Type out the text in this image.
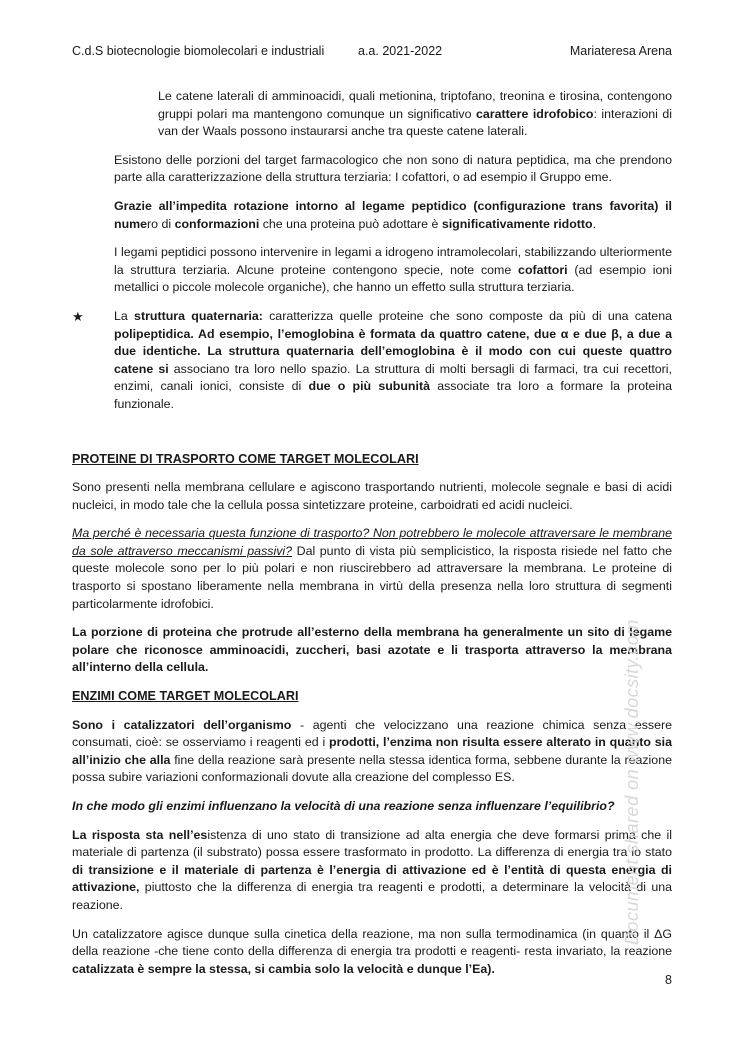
C.d.S biotecnologie biomolecolari e industriali	a.a. 2021-2022	Mariateresa Arena

Le catene laterali di amminoacidi, quali metionina, triptofano, treonina e tirosina, contengono gruppi polari ma mantengono comunque un significativo carattere idrofobico: interazioni di van der Waals possono instaurarsi anche tra queste catene laterali.

Esistono delle porzioni del target farmacologico che non sono di natura peptidica, ma che prendono parte alla caratterizzazione della struttura terziaria: I cofattori, o ad esempio il Gruppo eme.

Grazie all’impedita rotazione intorno al legame peptidico (configurazione trans favorita) il numero di conformazioni che una proteina può adottare è significativamente ridotto.

I legami peptidici possono intervenire in legami a idrogeno intramolecolari, stabilizzando ulteriormente la struttura terziaria. Alcune proteine contengono specie, note come cofattori (ad esempio ioni metallici o piccole molecole organiche), che hanno un effetto sulla struttura terziaria.

★ La struttura quaternaria: caratterizza quelle proteine che sono composte da più di una catena polipeptidica. Ad esempio, l’emoglobina è formata da quattro catene, due α e due β, a due a due identiche. La struttura quaternaria dell’emoglobina è il modo con cui queste quattro catene si associano tra loro nello spazio. La struttura di molti bersagli di farmaci, tra cui recettori, enzimi, canali ionici, consiste di due o più subunità associate tra loro a formare la proteina funzionale.

PROTEINE DI TRASPORTO COME TARGET MOLECOLARI

Sono presenti nella membrana cellulare e agiscono trasportando nutrienti, molecole segnale e basi di acidi nucleici, in modo tale che la cellula possa sintetizzare proteine, carboidrati ed acidi nucleici.

Ma perché è necessaria questa funzione di trasporto? Non potrebbero le molecole attraversare le membrane da sole attraverso meccanismi passivi? Dal punto di vista più semplicistico, la risposta risiede nel fatto che queste molecole sono per lo più polari e non riuscirebbero ad attraversare la membrana. Le proteine di trasporto si spostano liberamente nella membrana in virtù della presenza nella loro struttura di segmenti particolarmente idrofobici.

La porzione di proteina che protrude all’esterno della membrana ha generalmente un sito di legame polare che riconosce amminoacidi, zuccheri, basi azotate e li trasporta attraverso la membrana all’interno della cellula.

ENZIMI COME TARGET MOLECOLARI

Sono i catalizzatori dell’organismo - agenti che velocizzano una reazione chimica senza essere consumati, cioè: se osserviamo i reagenti ed i prodotti, l’enzima non risulta essere alterato in quanto sia all’inizio che alla fine della reazione sarà presente nella stessa identica forma, sebbene durante la reazione possa subire variazioni conformazionali dovute alla creazione del complesso ES.

In che modo gli enzimi influenzano la velocità di una reazione senza influenzare l’equilibrio?

La risposta sta nell’esistenza di uno stato di transizione ad alta energia che deve formarsi prima che il materiale di partenza (il substrato) possa essere trasformato in prodotto. La differenza di energia tra lo stato di transizione e il materiale di partenza è l’energia di attivazione ed è l’entità di questa energia di attivazione, piuttosto che la differenza di energia tra reagenti e prodotti, a determinare la velocità di una reazione.

Un catalizzatore agisce dunque sulla cinetica della reazione, ma non sulla termodinamica (in quanto il ΔG della reazione -che tiene conto della differenza di energia tra prodotti e reagenti- resta invariato, la reazione catalizzata è sempre la stessa, si cambia solo la velocità e dunque l’Ea).

Document shared on www.docsity.com
8
